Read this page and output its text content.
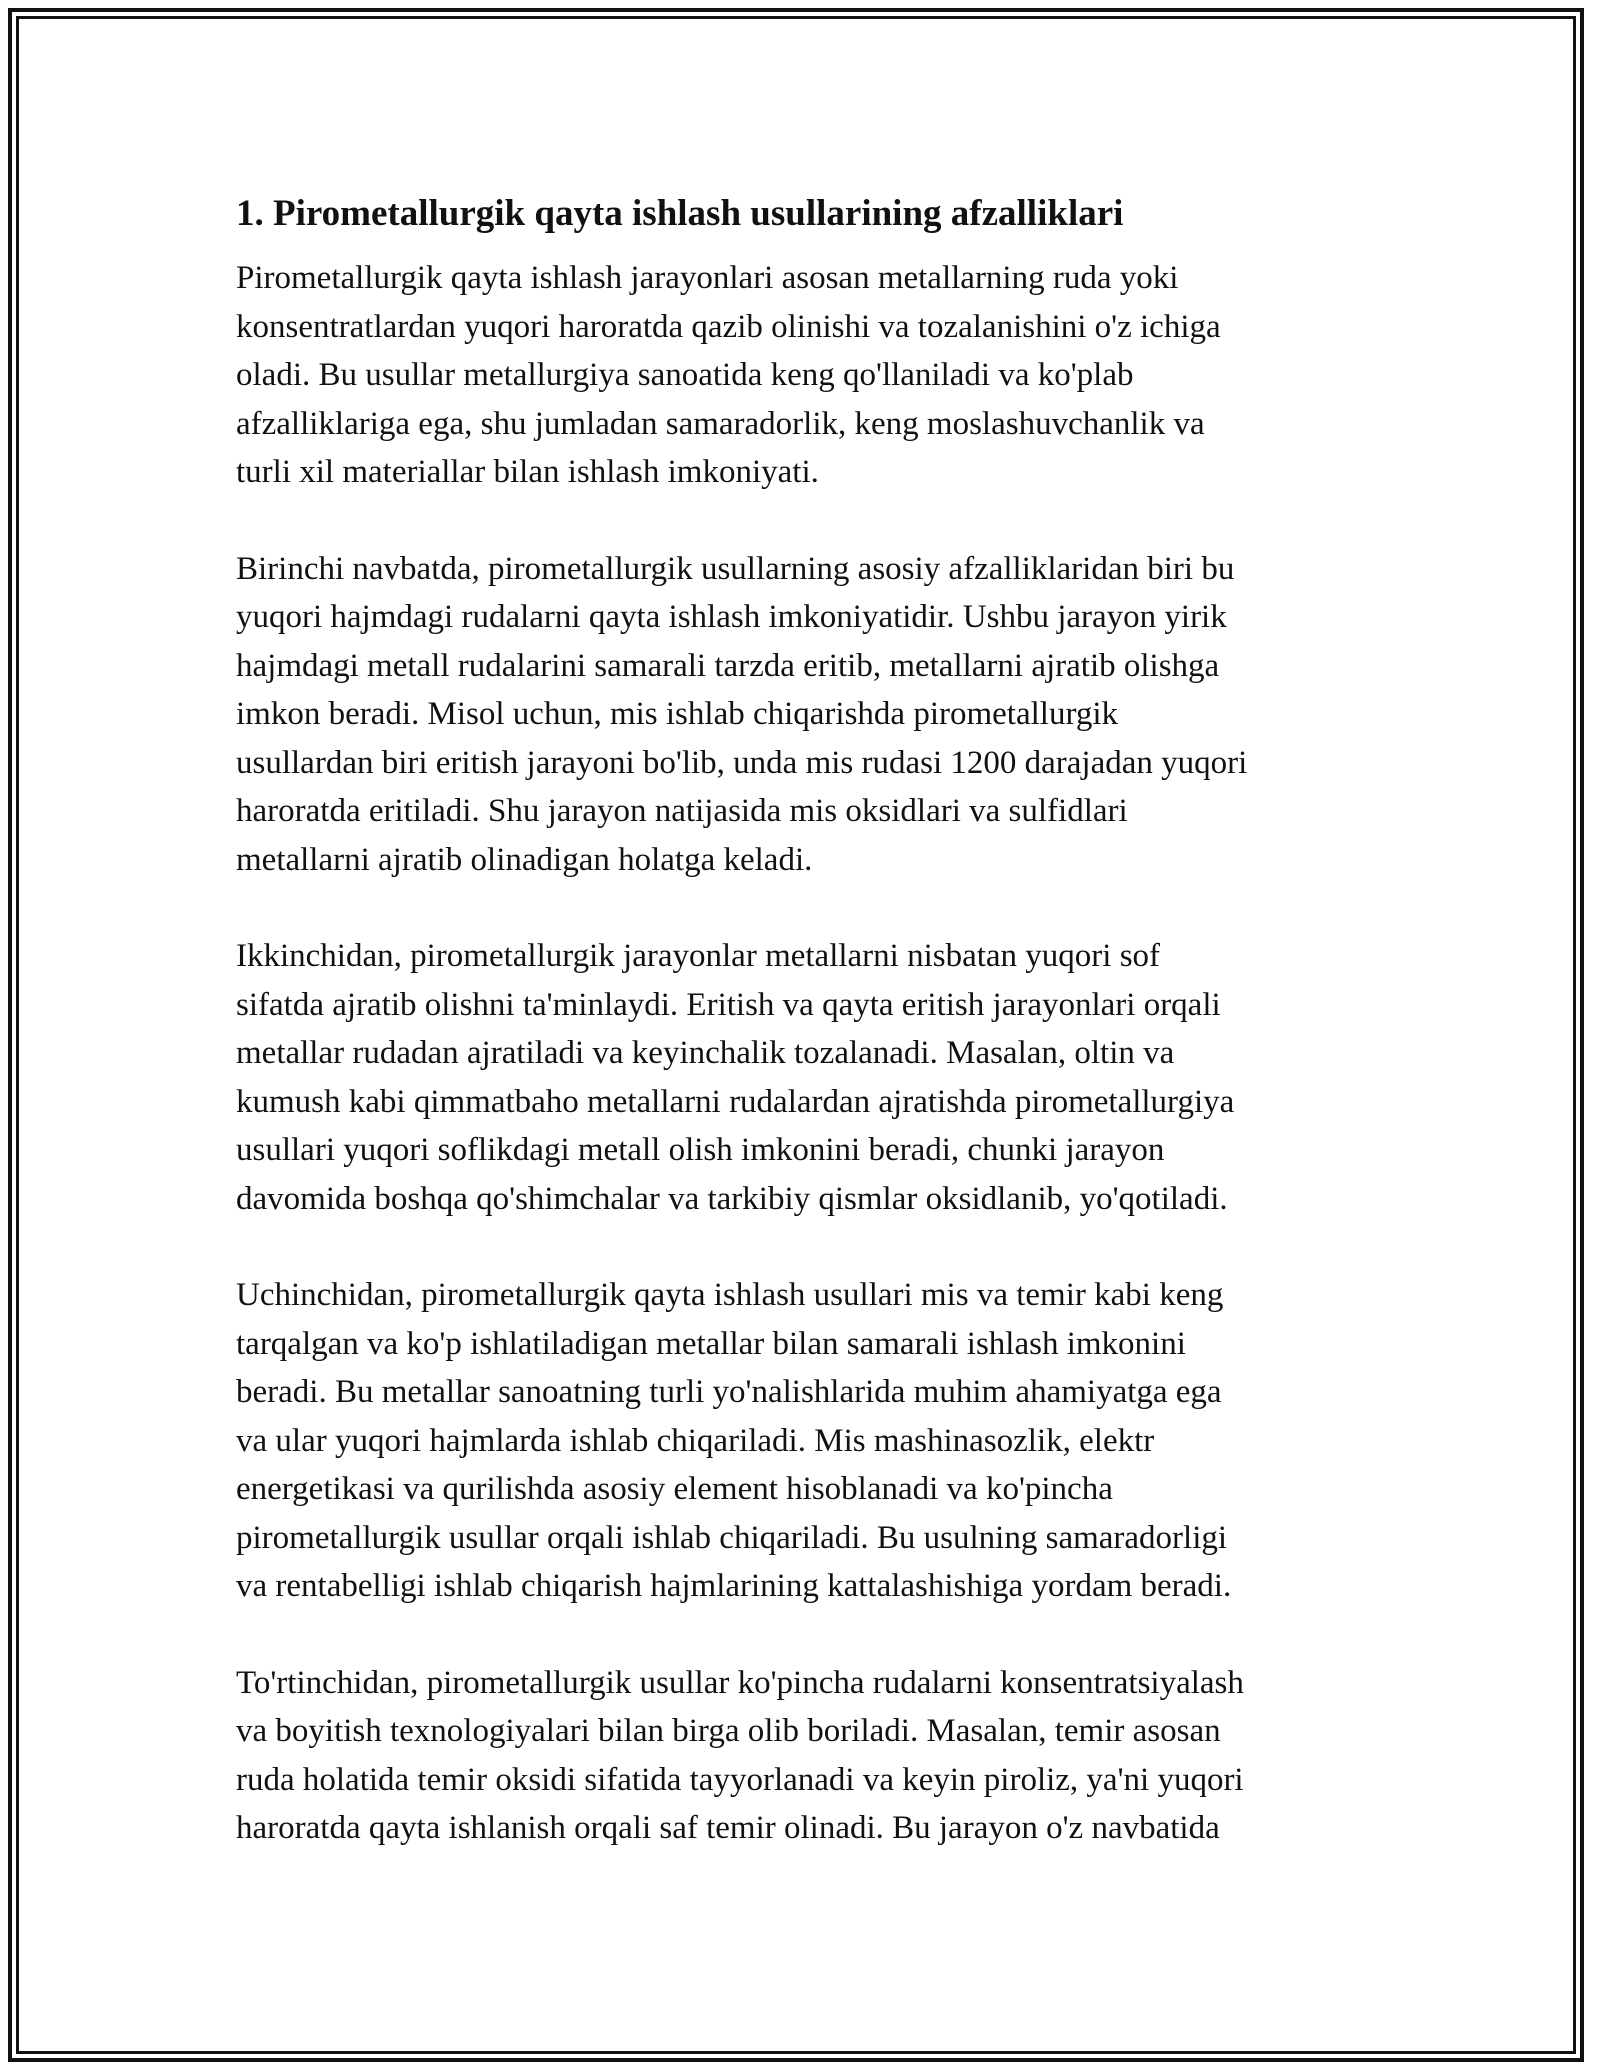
1. Pirometallurgik qayta ishlash usullarining afzalliklari

Pirometallurgik qayta ishlash jarayonlari asosan metallarning ruda yoki
konsentratlardan yuqori haroratda qazib olinishi va tozalanishini o'z ichiga
oladi. Bu usullar metallurgiya sanoatida keng qo'llaniladi va ko'plab
afzalliklariga ega, shu jumladan samaradorlik, keng moslashuvchanlik va
turli xil materiallar bilan ishlash imkoniyati.

Birinchi navbatda, pirometallurgik usullarning asosiy afzalliklaridan biri bu
yuqori hajmdagi rudalarni qayta ishlash imkoniyatidir. Ushbu jarayon yirik
hajmdagi metall rudalarini samarali tarzda eritib, metallarni ajratib olishga
imkon beradi. Misol uchun, mis ishlab chiqarishda pirometallurgik
usullardan biri eritish jarayoni bo'lib, unda mis rudasi 1200 darajadan yuqori
haroratda eritiladi. Shu jarayon natijasida mis oksidlari va sulfidlari
metallarni ajratib olinadigan holatga keladi.

Ikkinchidan, pirometallurgik jarayonlar metallarni nisbatan yuqori sof
sifatda ajratib olishni ta'minlaydi. Eritish va qayta eritish jarayonlari orqali
metallar rudadan ajratiladi va keyinchalik tozalanadi. Masalan, oltin va
kumush kabi qimmatbaho metallarni rudalardan ajratishda pirometallurgiya
usullari yuqori soflikdagi metall olish imkonini beradi, chunki jarayon
davomida boshqa qo'shimchalar va tarkibiy qismlar oksidlanib, yo'qotiladi.

Uchinchidan, pirometallurgik qayta ishlash usullari mis va temir kabi keng
tarqalgan va ko'p ishlatiladigan metallar bilan samarali ishlash imkonini
beradi. Bu metallar sanoatning turli yo'nalishlarida muhim ahamiyatga ega
va ular yuqori hajmlarda ishlab chiqariladi. Mis mashinasozlik, elektr
energetikasi va qurilishda asosiy element hisoblanadi va ko'pincha
pirometallurgik usullar orqali ishlab chiqariladi. Bu usulning samaradorligi
va rentabelligi ishlab chiqarish hajmlarining kattalashishiga yordam beradi.

To'rtinchidan, pirometallurgik usullar ko'pincha rudalarni konsentratsiyalash
va boyitish texnologiyalari bilan birga olib boriladi. Masalan, temir asosan
ruda holatida temir oksidi sifatida tayyorlanadi va keyin piroliz, ya'ni yuqori
haroratda qayta ishlanish orqali saf temir olinadi. Bu jarayon o'z navbatida
